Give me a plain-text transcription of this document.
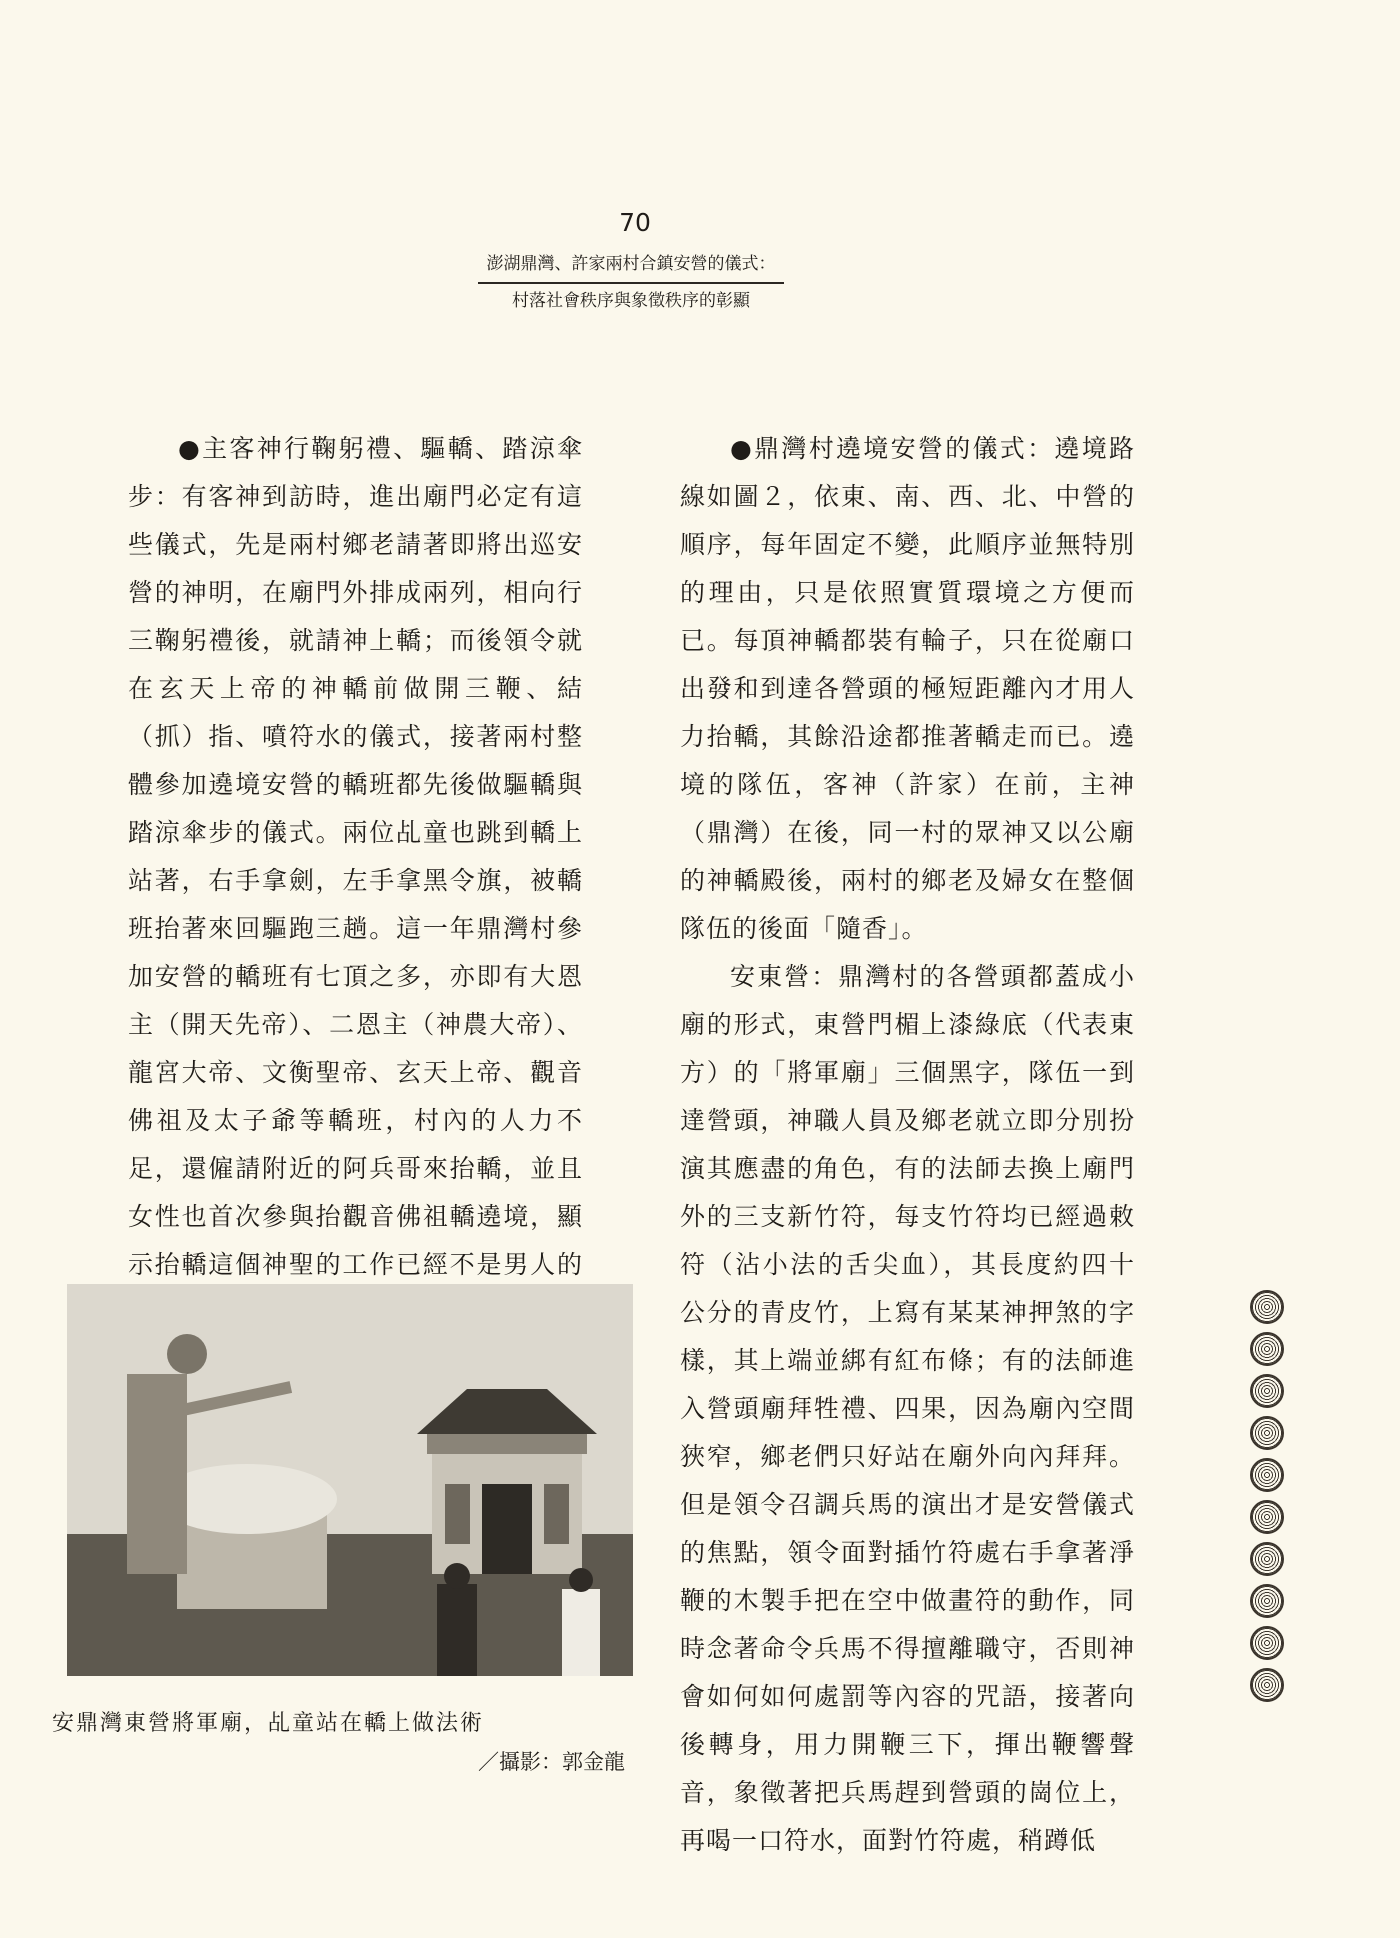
70
澎湖鼎灣、許家兩村合鎮安營的儀式：
村落社會秩序與象徵秩序的彰顯

●主客神行鞠躬禮、驅轎、踏涼傘步：有客神到訪時，進出廟門必定有這些儀式，先是兩村鄉老請著即將出巡安營的神明，在廟門外排成兩列，相向行三鞠躬禮後，就請神上轎；而後領令就在玄天上帝的神轎前做開三鞭、結（抓）指、噴符水的儀式，接著兩村整體參加遶境安營的轎班都先後做驅轎與踏涼傘步的儀式。兩位乩童也跳到轎上站著，右手拿劍，左手拿黑令旗，被轎班抬著來回驅跑三趟。這一年鼎灣村參加安營的轎班有七頂之多，亦即有大恩主（開天先帝）、二恩主（神農大帝）、龍宮大帝、文衡聖帝、玄天上帝、觀音佛祖及太子爺等轎班，村內的人力不足，還僱請附近的阿兵哥來抬轎，並且女性也首次參與抬觀音佛祖轎遶境，顯示抬轎這個神聖的工作已經不是男人的

●鼎灣村遶境安營的儀式：遶境路線如圖２，依東、南、西、北、中營的順序，每年固定不變，此順序並無特別的理由，只是依照實質環境之方便而已。每頂神轎都裝有輪子，只在從廟口出發和到達各營頭的極短距離內才用人力抬轎，其餘沿途都推著轎走而已。遶境的隊伍，客神（許家）在前，主神（鼎灣）在後，同一村的眾神又以公廟的神轎殿後，兩村的鄉老及婦女在整個隊伍的後面「隨香」。

安東營：鼎灣村的各營頭都蓋成小廟的形式，東營門楣上漆綠底（代表東方）的「將軍廟」三個黑字，隊伍一到達營頭，神職人員及鄉老就立即分別扮演其應盡的角色，有的法師去換上廟門外的三支新竹符，每支竹符均已經過敕符（沾小法的舌尖血），其長度約四十公分的青皮竹，上寫有某某神押煞的字樣，其上端並綁有紅布條；有的法師進入營頭廟拜牲禮、四果，因為廟內空間狹窄，鄉老們只好站在廟外向內拜拜。但是領令召調兵馬的演出才是安營儀式的焦點，領令面對插竹符處右手拿著淨鞭的木製手把在空中做畫符的動作，同時念著命令兵馬不得擅離職守，否則神會如何如何處罰等內容的咒語，接著向後轉身，用力開鞭三下，揮出鞭響聲音，象徵著把兵馬趕到營頭的崗位上，再喝一口符水，面對竹符處，稍蹲低

安鼎灣東營將軍廟，乩童站在轎上做法術
／攝影：郭金龍
